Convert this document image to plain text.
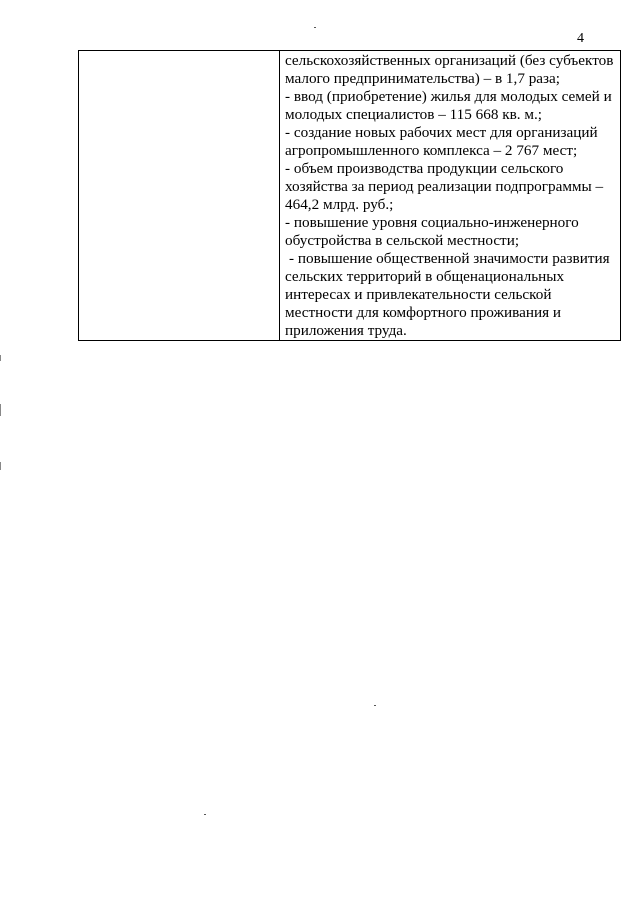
4

сельскохозяйственных организаций (без субъектов
малого предпринимательства) – в 1,7 раза;
- ввод (приобретение) жилья для молодых семей и
молодых специалистов – 115 668 кв. м.;
- создание новых рабочих мест для организаций
агропромышленного комплекса – 2 767 мест;
- объем производства продукции сельского
хозяйства за период реализации подпрограммы –
464,2 млрд. руб.;
- повышение уровня социально-инженерного
обустройства в сельской местности;
- повышение общественной значимости развития
сельских территорий в общенациональных
интересах и привлекательности сельской
местности для комфортного проживания и
приложения труда.
